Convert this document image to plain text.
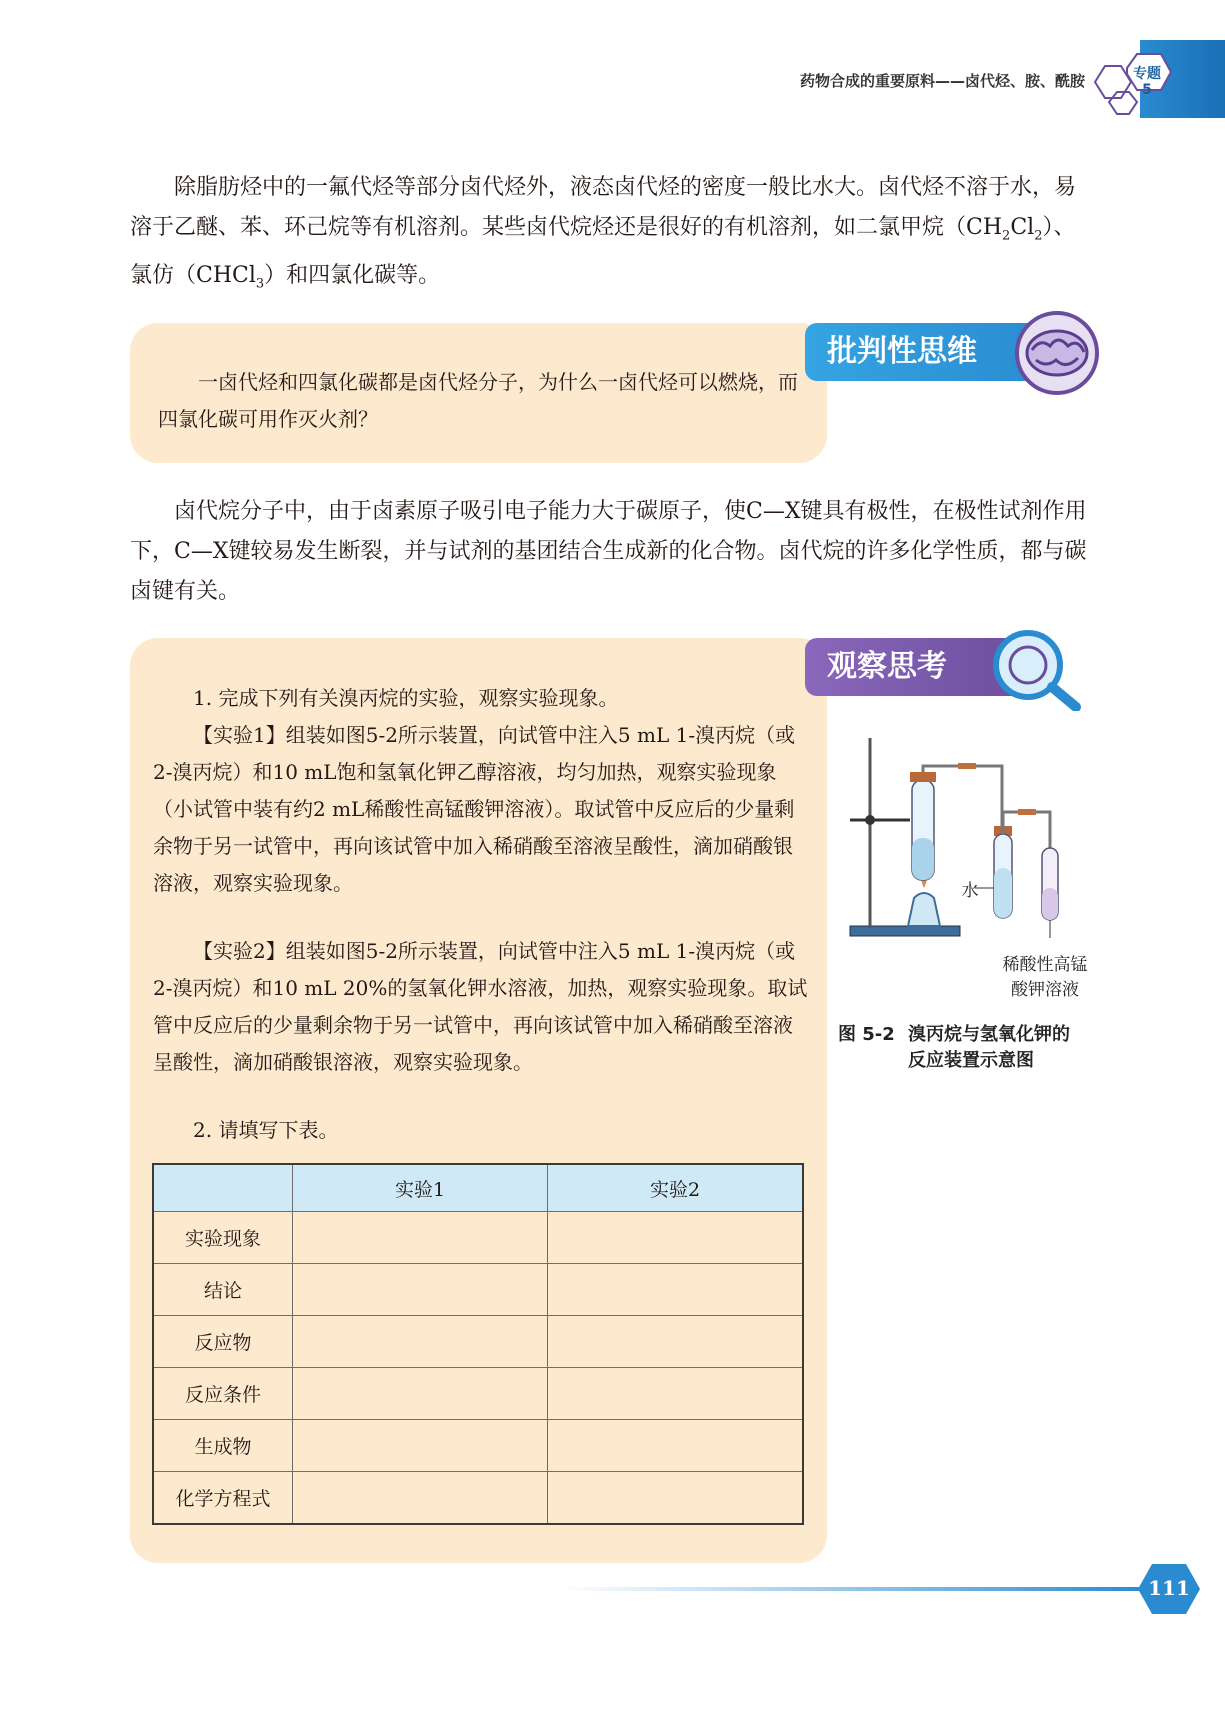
药物合成的重要原料——卤代烃、胺、酰胺	专题
5

除脂肪烃中的一氟代烃等部分卤代烃外，液态卤代烃的密度一般比水大。卤代烃不溶于水，易溶于乙醚、苯、环己烷等有机溶剂。某些卤代烷烃还是很好的有机溶剂，如二氯甲烷$(CH_2Cl_2)$、氯仿（CHCl$_3$）和四氯化碳等。

批判性思维

一卤代烃和四氯化碳都是卤代烃分子，为什么一卤代烃可以燃烧，而四氯化碳可用作灭火剂？

卤代烷分子中，由于卤素原子吸引电子能力大于碳原子，使C—X键具有极性，在极性试剂作用下，C—X键较易发生断裂，并与试剂的基团结合生成新的化合物。卤代烷的许多化学性质，都与碳卤键有关。

观察思考

1. 完成下列有关溴丙烷的实验，观察实验现象。

【实验1】组装如图5-2所示装置，向试管中注入5 mL 1-溴丙烷（或2-溴丙烷）和10 mL饱和氢氧化钾乙醇溶液，均匀加热，观察实验现象（小试管中装有约2 mL稀酸性高锰酸钾溶液）。取试管中反应后的少量剩余物于另一试管中，再向该试管中加入稀硝酸至溶液呈酸性，滴加硝酸银溶液，观察实验现象。

【实验2】组装如图5-2所示装置，向试管中注入5 mL 1-溴丙烷（或2-溴丙烷）和10 mL 20%的氢氧化钾水溶液，加热，观察实验现象。取试管中反应后的少量剩余物于另一试管中，再向该试管中加入稀硝酸至溶液呈酸性，滴加硝酸银溶液，观察实验现象。

2. 请填写下表。

水
稀酸性高锰
酸钾溶液
图 5-2 溴丙烷与氢氧化钾的
反应装置示意图
	实验1	实验2
实验现象		
结论		
反应物		
反应条件		
生成物		
化学方程式		
111
